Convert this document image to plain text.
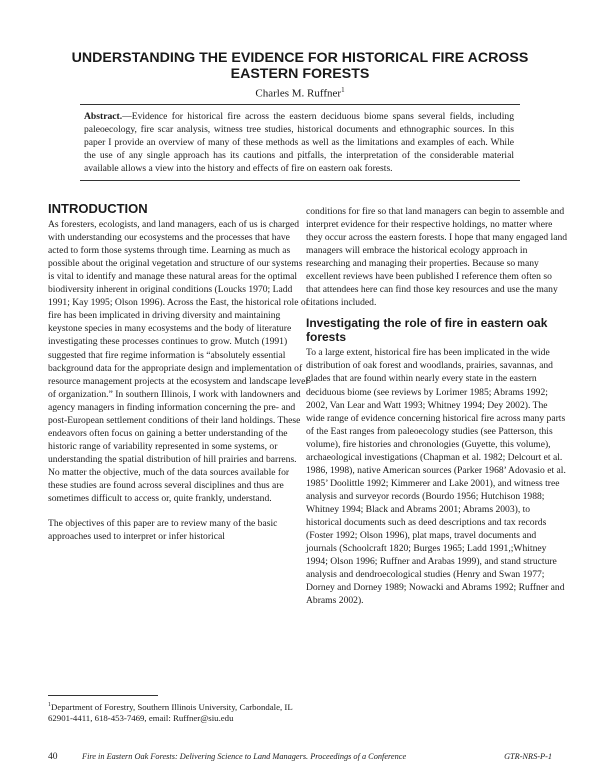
UNDERSTANDING THE EVIDENCE FOR HISTORICAL FIRE ACROSS EASTERN FORESTS

Charles M. Ruffner$^1$

Abstract.—Evidence for historical fire across the eastern deciduous biome spans several fields, including paleoecology, fire scar analysis, witness tree studies, historical documents and ethnographic sources. In this paper I provide an overview of many of these methods as well as the limitations and examples of each. While the use of any single approach has its cautions and pitfalls, the interpretation of the considerable material available allows a view into the history and effects of fire on eastern oak forests.

INTRODUCTION

As foresters, ecologists, and land managers, each of us is charged with understanding our ecosystems and the processes that have acted to form those systems through time. Learning as much as possible about the original vegetation and structure of our systems is vital to identify and manage these natural areas for the optimal biodiversity inherent in original conditions (Loucks 1970; Ladd 1991; Kay 1995; Olson 1996). Across the East, the historical role of fire has been implicated in driving diversity and maintaining keystone species in many ecosystems and the body of literature investigating these processes continues to grow. Mutch (1991) suggested that fire regime information is “absolutely essential background data for the appropriate design and implementation of resource management projects at the ecosystem and landscape level of organization.” In southern Illinois, I work with landowners and agency managers in finding information concerning the pre- and post-European settlement conditions of their land holdings. These endeavors often focus on gaining a better understanding of the historic range of variability represented in some systems, or understanding the spatial distribution of hill prairies and barrens. No matter the objective, much of the data sources available for these studies are found across several disciplines and thus are sometimes difficult to access or, quite frankly, understand.

The objectives of this paper are to review many of the basic approaches used to interpret or infer historical

conditions for fire so that land managers can begin to assemble and interpret evidence for their respective holdings, no matter where they occur across the eastern forests. I hope that many engaged land managers will embrace the historical ecology approach in researching and managing their properties. Because so many excellent reviews have been published I reference them often so that attendees here can find those key resources and use the many citations included.

Investigating the role of fire in eastern oak forests

To a large extent, historical fire has been implicated in the wide distribution of oak forest and woodlands, prairies, savannas, and glades that are found within nearly every state in the eastern deciduous biome (see reviews by Lorimer 1985; Abrams 1992; 2002, Van Lear and Watt 1993; Whitney 1994; Dey 2002). The wide range of evidence concerning historical fire across many parts of the East ranges from paleoecology studies (see Patterson, this volume), fire histories and chronologies (Guyette, this volume), archaeological investigations (Chapman et al. 1982; Delcourt et al. 1986, 1998), native American sources (Parker 1968’ Adovasio et al. 1985’ Doolittle 1992; Kimmerer and Lake 2001), and witness tree analysis and surveyor records (Bourdo 1956; Hutchison 1988; Whitney 1994; Black and Abrams 2001; Abrams 2003), to historical documents such as deed descriptions and tax records (Foster 1992; Olson 1996), plat maps, travel documents and journals (Schoolcraft 1820; Burges 1965; Ladd 1991,;Whitney 1994; Olson 1996; Ruffner and Arabas 1999), and stand structure analysis and dendroecological studies (Henry and Swan 1977; Dorney and Dorney 1989; Nowacki and Abrams 1992; Ruffner and Abrams 2002).

$^1$Department of Forestry, Southern Illinois University, Carbondale, IL 62901-4411, 618-453-7469, email: Ruffner@siu.edu

40	Fire in Eastern Oak Forests: Delivering Science to Land Managers. Proceedings of a Conference	GTR-NRS-P-1
